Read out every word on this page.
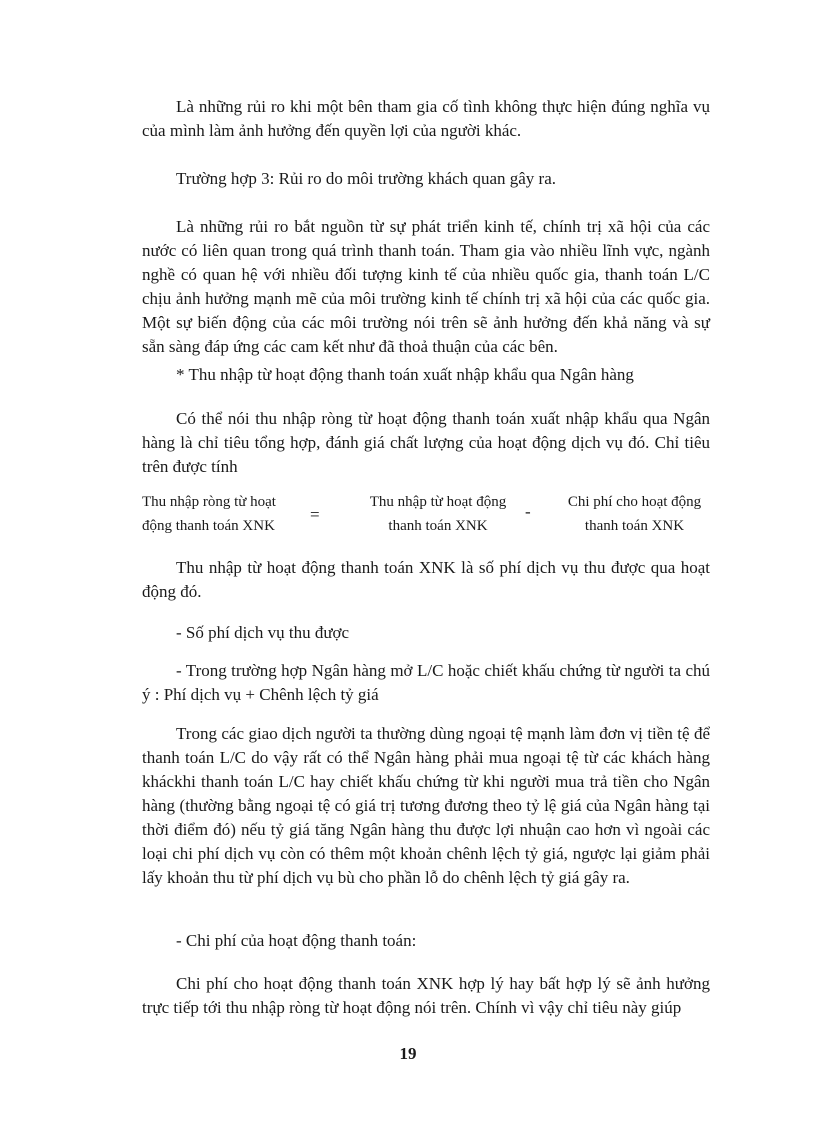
Là những rủi ro khi một bên tham gia cố tình không thực hiện đúng nghĩa vụ của mình làm ảnh hưởng đến quyền lợi của người khác.

Trường hợp 3: Rủi ro do môi trường khách quan gây ra.

Là những rủi ro bắt nguồn từ sự phát triển kinh tế, chính trị xã hội của các nước có liên quan trong quá trình thanh toán. Tham gia vào nhiều lĩnh vực, ngành nghề có quan hệ với nhiều đối tượng kinh tế của nhiều quốc gia, thanh toán L/C chịu ảnh hưởng mạnh mẽ của môi trường kinh tế chính trị xã hội của các quốc gia. Một sự biến động của các môi trường nói trên sẽ ảnh hưởng đến khả năng và sự sẵn sàng đáp ứng các cam kết như đã thoả thuận của các bên.

* Thu nhập từ hoạt động thanh toán xuất nhập khẩu qua Ngân hàng

Có thể nói thu nhập ròng từ hoạt động thanh toán xuất nhập khẩu qua Ngân hàng là chỉ tiêu tổng hợp, đánh giá chất lượng của hoạt động dịch vụ đó. Chỉ tiêu trên được tính

Thu nhập ròng từ hoạt
động thanh toán XNK
=
Thu nhập từ hoạt động
thanh toán XNK
-	Chi phí cho hoạt động
thanh toán XNK

Thu nhập từ hoạt động thanh toán XNK là số phí dịch vụ thu được qua hoạt động đó.

- Số phí dịch vụ thu được

- Trong trường hợp Ngân hàng mở L/C hoặc chiết khấu chứng từ người ta chú ý : Phí dịch vụ + Chênh lệch tỷ giá

Trong các giao dịch người ta thường dùng ngoại tệ mạnh làm đơn vị tiền tệ để thanh toán L/C do vậy rất có thể Ngân hàng phải mua ngoại tệ từ các khách hàng kháckhi thanh toán L/C hay chiết khấu chứng từ khi người mua trả tiền cho Ngân hàng (thường bằng ngoại tệ có giá trị tương đương theo tỷ lệ giá của Ngân hàng tại thời điểm đó) nếu tỷ giá tăng Ngân hàng thu được lợi nhuận cao hơn vì ngoài các loại chi phí dịch vụ còn có thêm một khoản chênh lệch tỷ giá, ngược lại giảm phải lấy khoản thu từ phí dịch vụ bù cho phần lỗ do chênh lệch tỷ giá gây ra.

- Chi phí của hoạt động thanh toán:

Chi phí cho hoạt động thanh toán XNK hợp lý hay bất hợp lý sẽ ảnh hưởng trực tiếp tới thu nhập ròng từ hoạt động nói trên. Chính vì vậy chỉ tiêu này giúp

19
